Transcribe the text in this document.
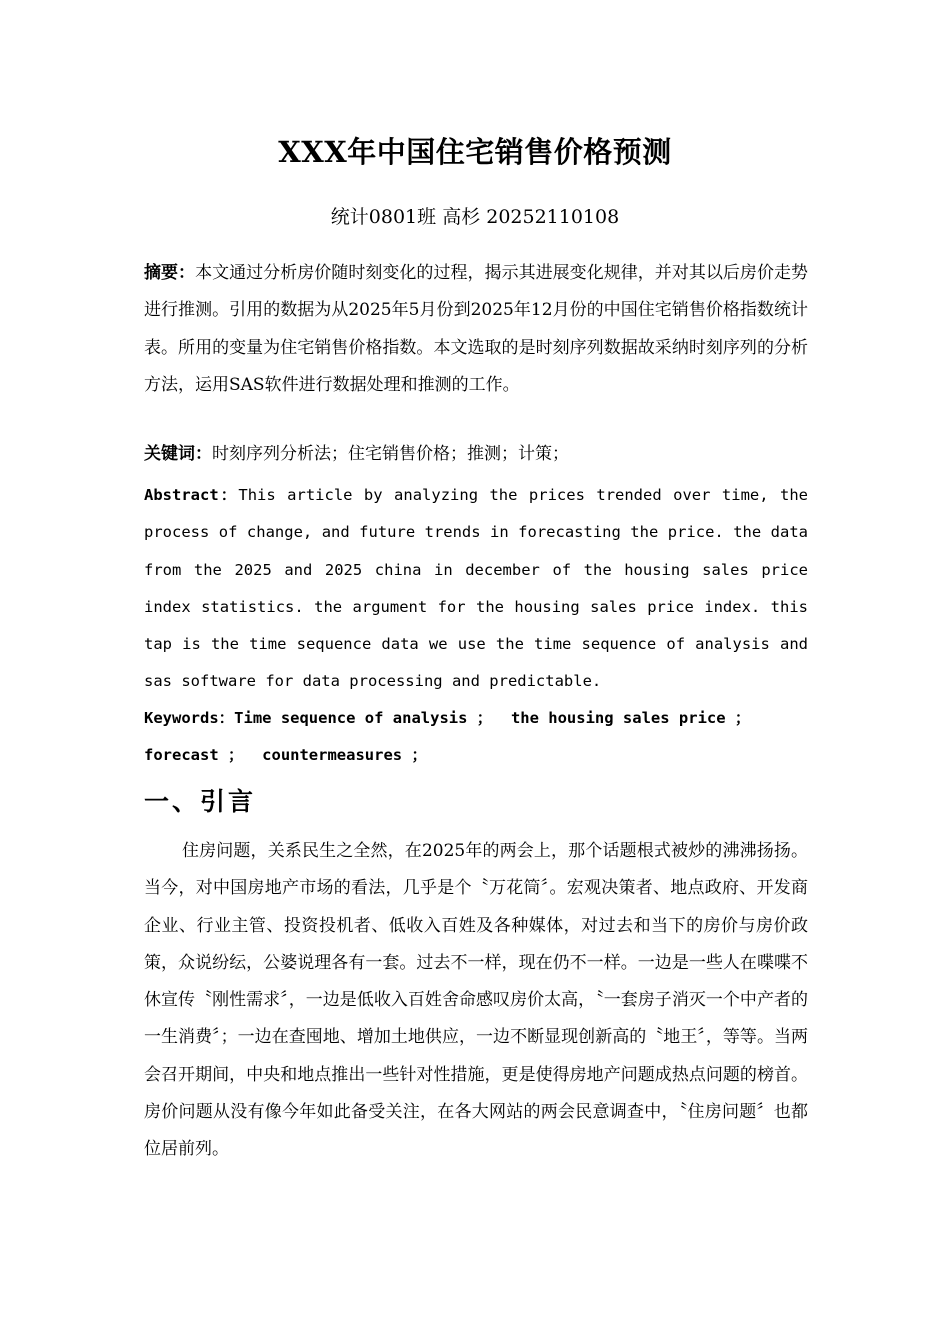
XXX年中国住宅销售价格预测
统计0801班 高杉 20252110108
摘要：本文通过分析房价随时刻变化的过程，揭示其进展变化规律，并对其以后房价走势进行推测。引用的数据为从2025年5月份到2025年12月份的中国住宅销售价格指数统计表。所用的变量为住宅销售价格指数。本文选取的是时刻序列数据故采纳时刻序列的分析方法，运用SAS软件进行数据处理和推测的工作。
关键词：时刻序列分析法；住宅销售价格；推测；计策；
Abstract：This article by analyzing the prices trended over time, the process of change, and future trends in forecasting the price. the data from the 2025 and 2025 china in december of the housing sales price index statistics. the argument for the housing sales price index. this tap is the time sequence data we use the time sequence of analysis and sas software for data processing and predictable.
Keywords：Time sequence of analysis ；  the housing sales price ；
forecast ；  countermeasures ；
一、引言
住房问题，关系民生之全然，在2025年的两会上，那个话题根式被炒的沸沸扬扬。当今，对中国房地产市场的看法，几乎是个〝万花筒〞。宏观决策者、地点政府、开发商企业、行业主管、投资投机者、低收入百姓及各种媒体，对过去和当下的房价与房价政策，众说纷纭，公婆说理各有一套。过去不一样，现在仍不一样。一边是一些人在喋喋不休宣传〝刚性需求〞，一边是低收入百姓舍命感叹房价太高，〝一套房子消灭一个中产者的一生消费〞；一边在查囤地、增加土地供应，一边不断显现创新高的〝地王〞，等等。当两会召开期间，中央和地点推出一些针对性措施，更是使得房地产问题成热点问题的榜首。房价问题从没有像今年如此备受关注，在各大网站的两会民意调查中，〝住房问题〞也都位居前列。
